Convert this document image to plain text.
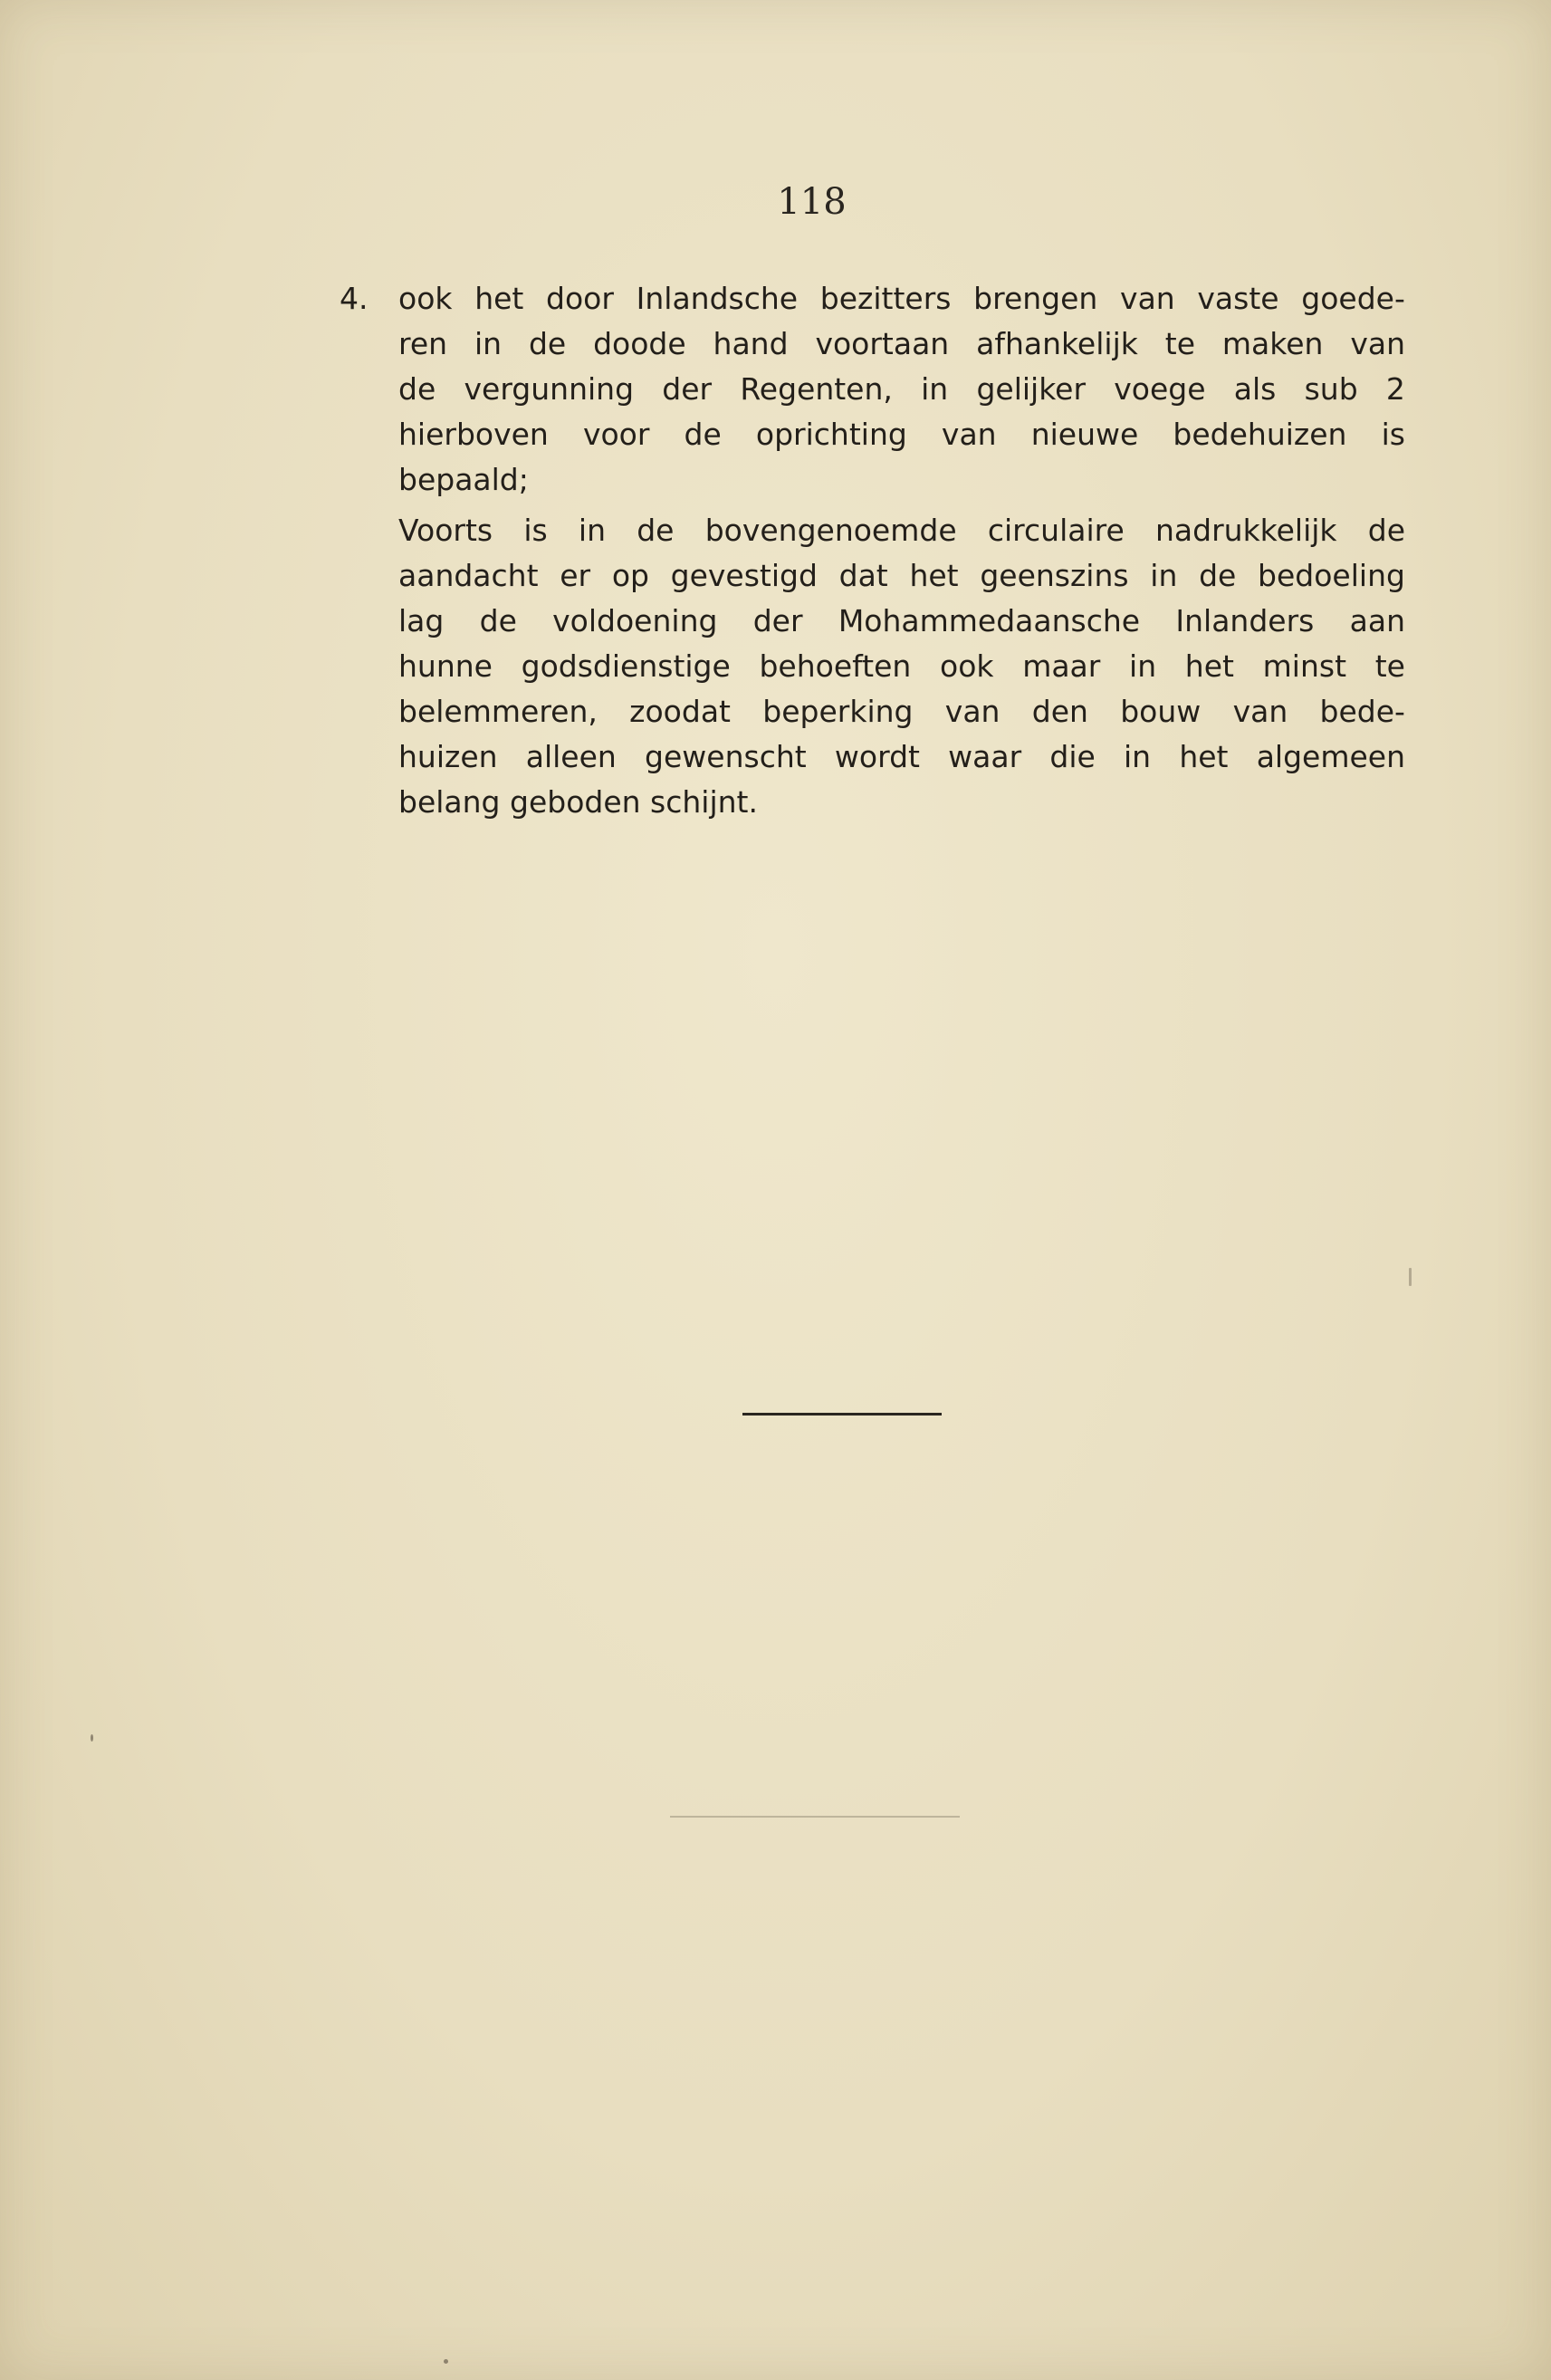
118
4. ook het door Inlandsche bezitters brengen van vaste goede-
ren in de doode hand voortaan afhankelijk te maken van
de vergunning der Regenten, in gelijker voege als sub 2
hierboven voor de oprichting van nieuwe bedehuizen is
bepaald;
Voorts is in de bovengenoemde circulaire nadrukkelijk de
aandacht er op gevestigd dat het geenszins in de bedoeling
lag de voldoening der Mohammedaansche Inlanders aan
hunne godsdienstige behoeften ook maar in het minst te
belemmeren, zoodat beperking van den bouw van bede-
huizen alleen gewenscht wordt waar die in het algemeen
belang geboden schijnt.
